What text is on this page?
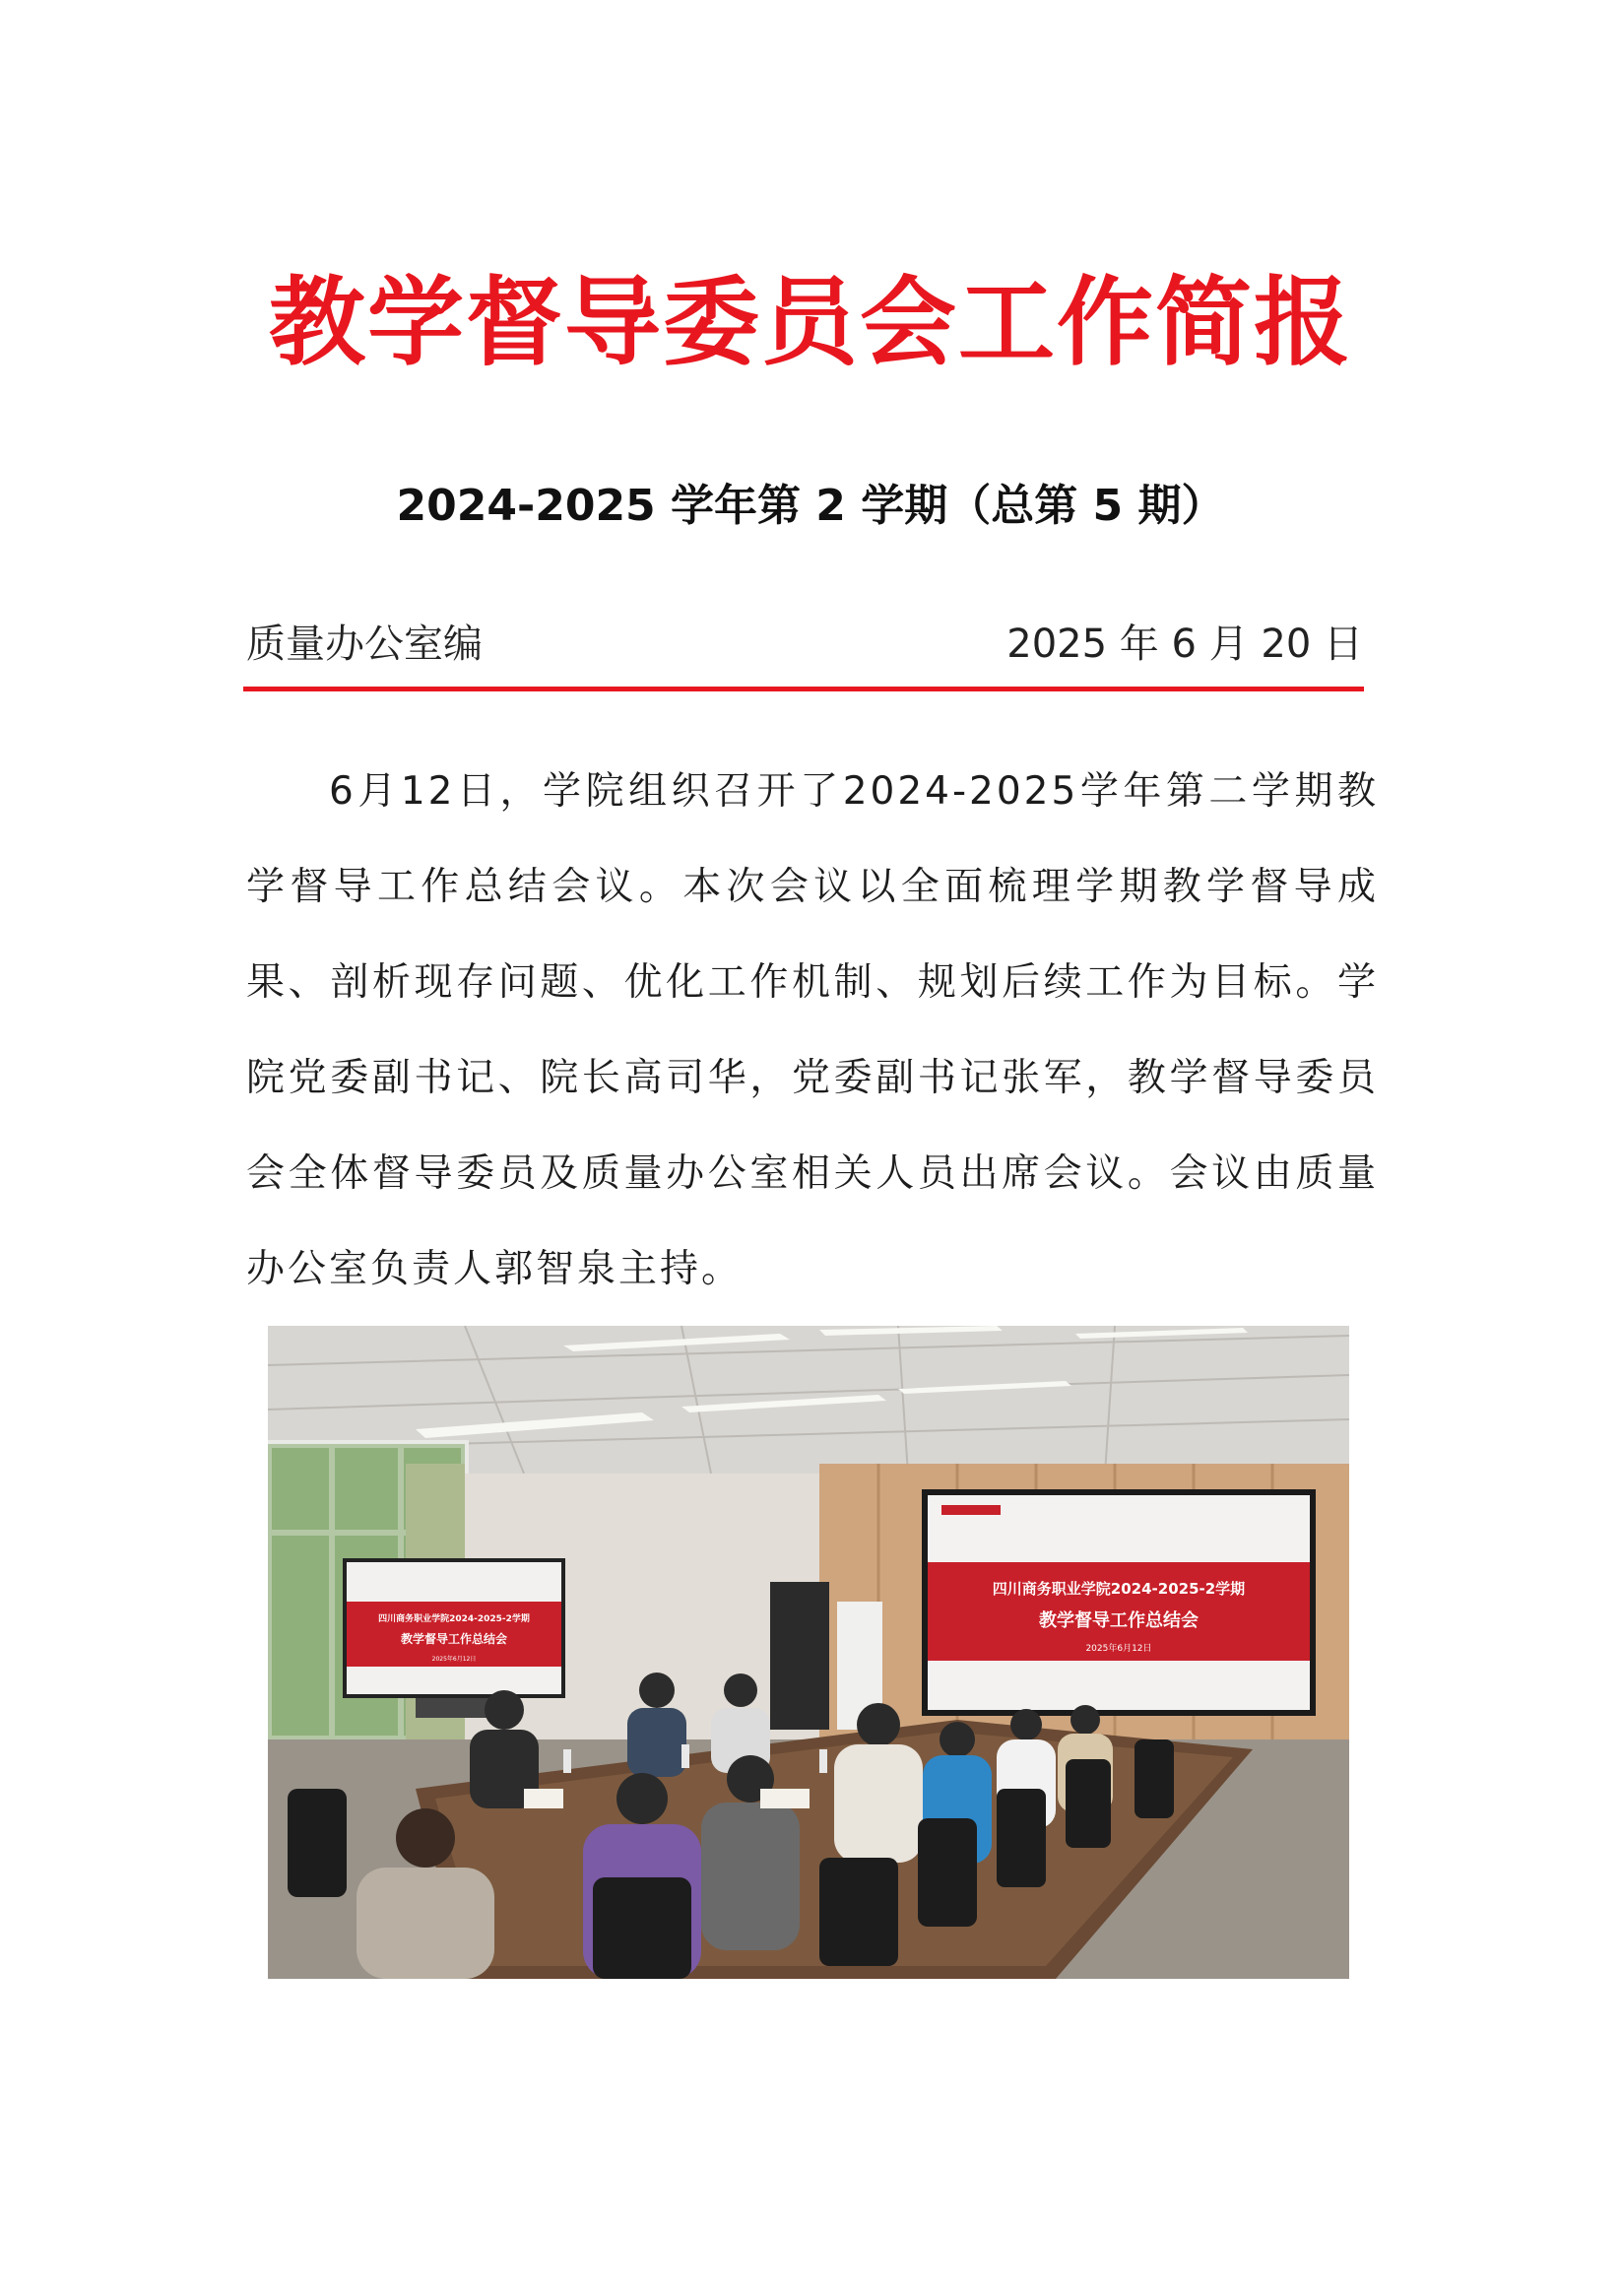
教学督导委员会工作简报
2024-2025 学年第 2 学期（总第 5 期）
质量办公室编	2025 年 6 月 20 日

6月12日，学院组织召开了2024-2025学年第二学期教学督导工作总结会议。本次会议以全面梳理学期教学督导成果、剖析现存问题、优化工作机制、规划后续工作为目标。学院党委副书记、院长高司华，党委副书记张军，教学督导委员会全体督导委员及质量办公室相关人员出席会议。会议由质量办公室负责人郭智泉主持。

四川商务职业学院2024-2025-2学期
教学督导工作总结会
2025年6月12日
四川商务职业学院2024-2025-2学期
教学督导工作总结会
2025年6月12日
